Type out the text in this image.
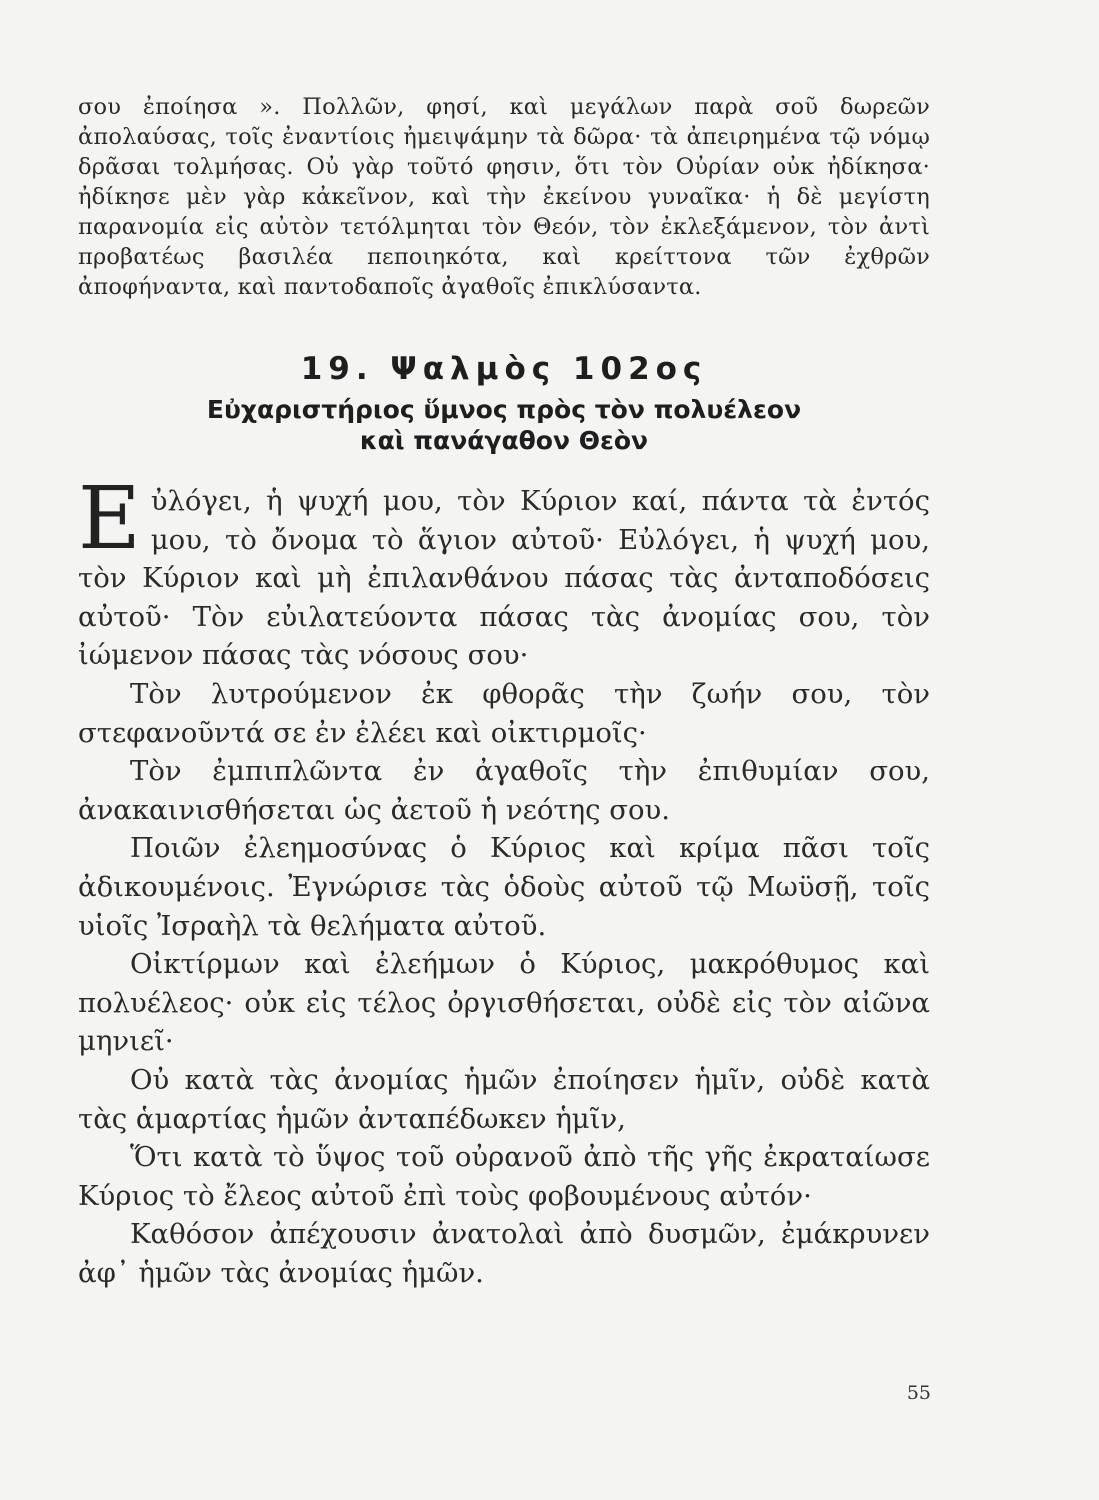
σου ἐποίησα ». Πολλῶν, φησί, καὶ μεγάλων παρὰ σοῦ δωρεῶν ἀπολαύσας, τοῖς ἐναντίοις ἠμειψάμην τὰ δῶρα· τὰ ἀπειρημένα τῷ νόμῳ δρᾶσαι τολμήσας. Οὐ γὰρ τοῦτό φησιν, ὅτι τὸν Οὐρίαν οὐκ ἠδίκησα· ἠδίκησε μὲν γὰρ κἀκεῖνον, καὶ τὴν ἐκείνου γυναῖκα· ἡ δὲ μεγίστη παρανομία εἰς αὐτὸν τετόλμηται τὸν Θεόν, τὸν ἐκλεξάμενον, τὸν ἀντὶ προβατέως βασιλέα πεποιηκότα, καὶ κρείττονα τῶν ἐχθρῶν ἀποφήναντα, καὶ παντοδαποῖς ἀγαθοῖς ἐπικλύσαντα.

19. Ψαλμὸς 102ος
Εὐχαριστήριος ὕμνος πρὸς τὸν πολυέλεον
καὶ πανάγαθον Θεὸν

Εὐλόγει, ἡ ψυχή μου, τὸν Κύριον καί, πάντα τὰ ἐντός μου, τὸ ὄνομα τὸ ἅγιον αὐτοῦ· Εὐλόγει, ἡ ψυχή μου, τὸν Κύριον καὶ μὴ ἐπιλανθάνου πάσας τὰς ἀνταποδόσεις αὐτοῦ· Τὸν εὐιλατεύοντα πάσας τὰς ἀνομίας σου, τὸν ἰώμενον πάσας τὰς νόσους σου·

Τὸν λυτρούμενον ἐκ φθορᾶς τὴν ζωήν σου, τὸν στεφανοῦντά σε ἐν ἐλέει καὶ οἰκτιρμοῖς·

Τὸν ἐμπιπλῶντα ἐν ἀγαθοῖς τὴν ἐπιθυμίαν σου, ἀνακαινισθήσεται ὡς ἀετοῦ ἡ νεότης σου.

Ποιῶν ἐλεημοσύνας ὁ Κύριος καὶ κρίμα πᾶσι τοῖς ἀδικουμένοις. Ἐγνώρισε τὰς ὁδοὺς αὐτοῦ τῷ Μωϋσῇ, τοῖς υἱοῖς Ἰσραὴλ τὰ θελήματα αὐτοῦ.

Οἰκτίρμων καὶ ἐλεήμων ὁ Κύριος, μακρόθυμος καὶ πολυέλεος· οὐκ εἰς τέλος ὀργισθήσεται, οὐδὲ εἰς τὸν αἰῶνα μηνιεῖ·

Οὐ κατὰ τὰς ἀνομίας ἡμῶν ἐποίησεν ἡμῖν, οὐδὲ κατὰ τὰς ἁμαρτίας ἡμῶν ἀνταπέδωκεν ἡμῖν,

Ὅτι κατὰ τὸ ὕψος τοῦ οὐρανοῦ ἀπὸ τῆς γῆς ἐκραταίωσε Κύριος τὸ ἔλεος αὐτοῦ ἐπὶ τοὺς φοβουμένους αὐτόν·

Καθόσον ἀπέχουσιν ἀνατολαὶ ἀπὸ δυσμῶν, ἐμάκρυνεν ἀφ᾽ ἡμῶν τὰς ἀνομίας ἡμῶν.

55
